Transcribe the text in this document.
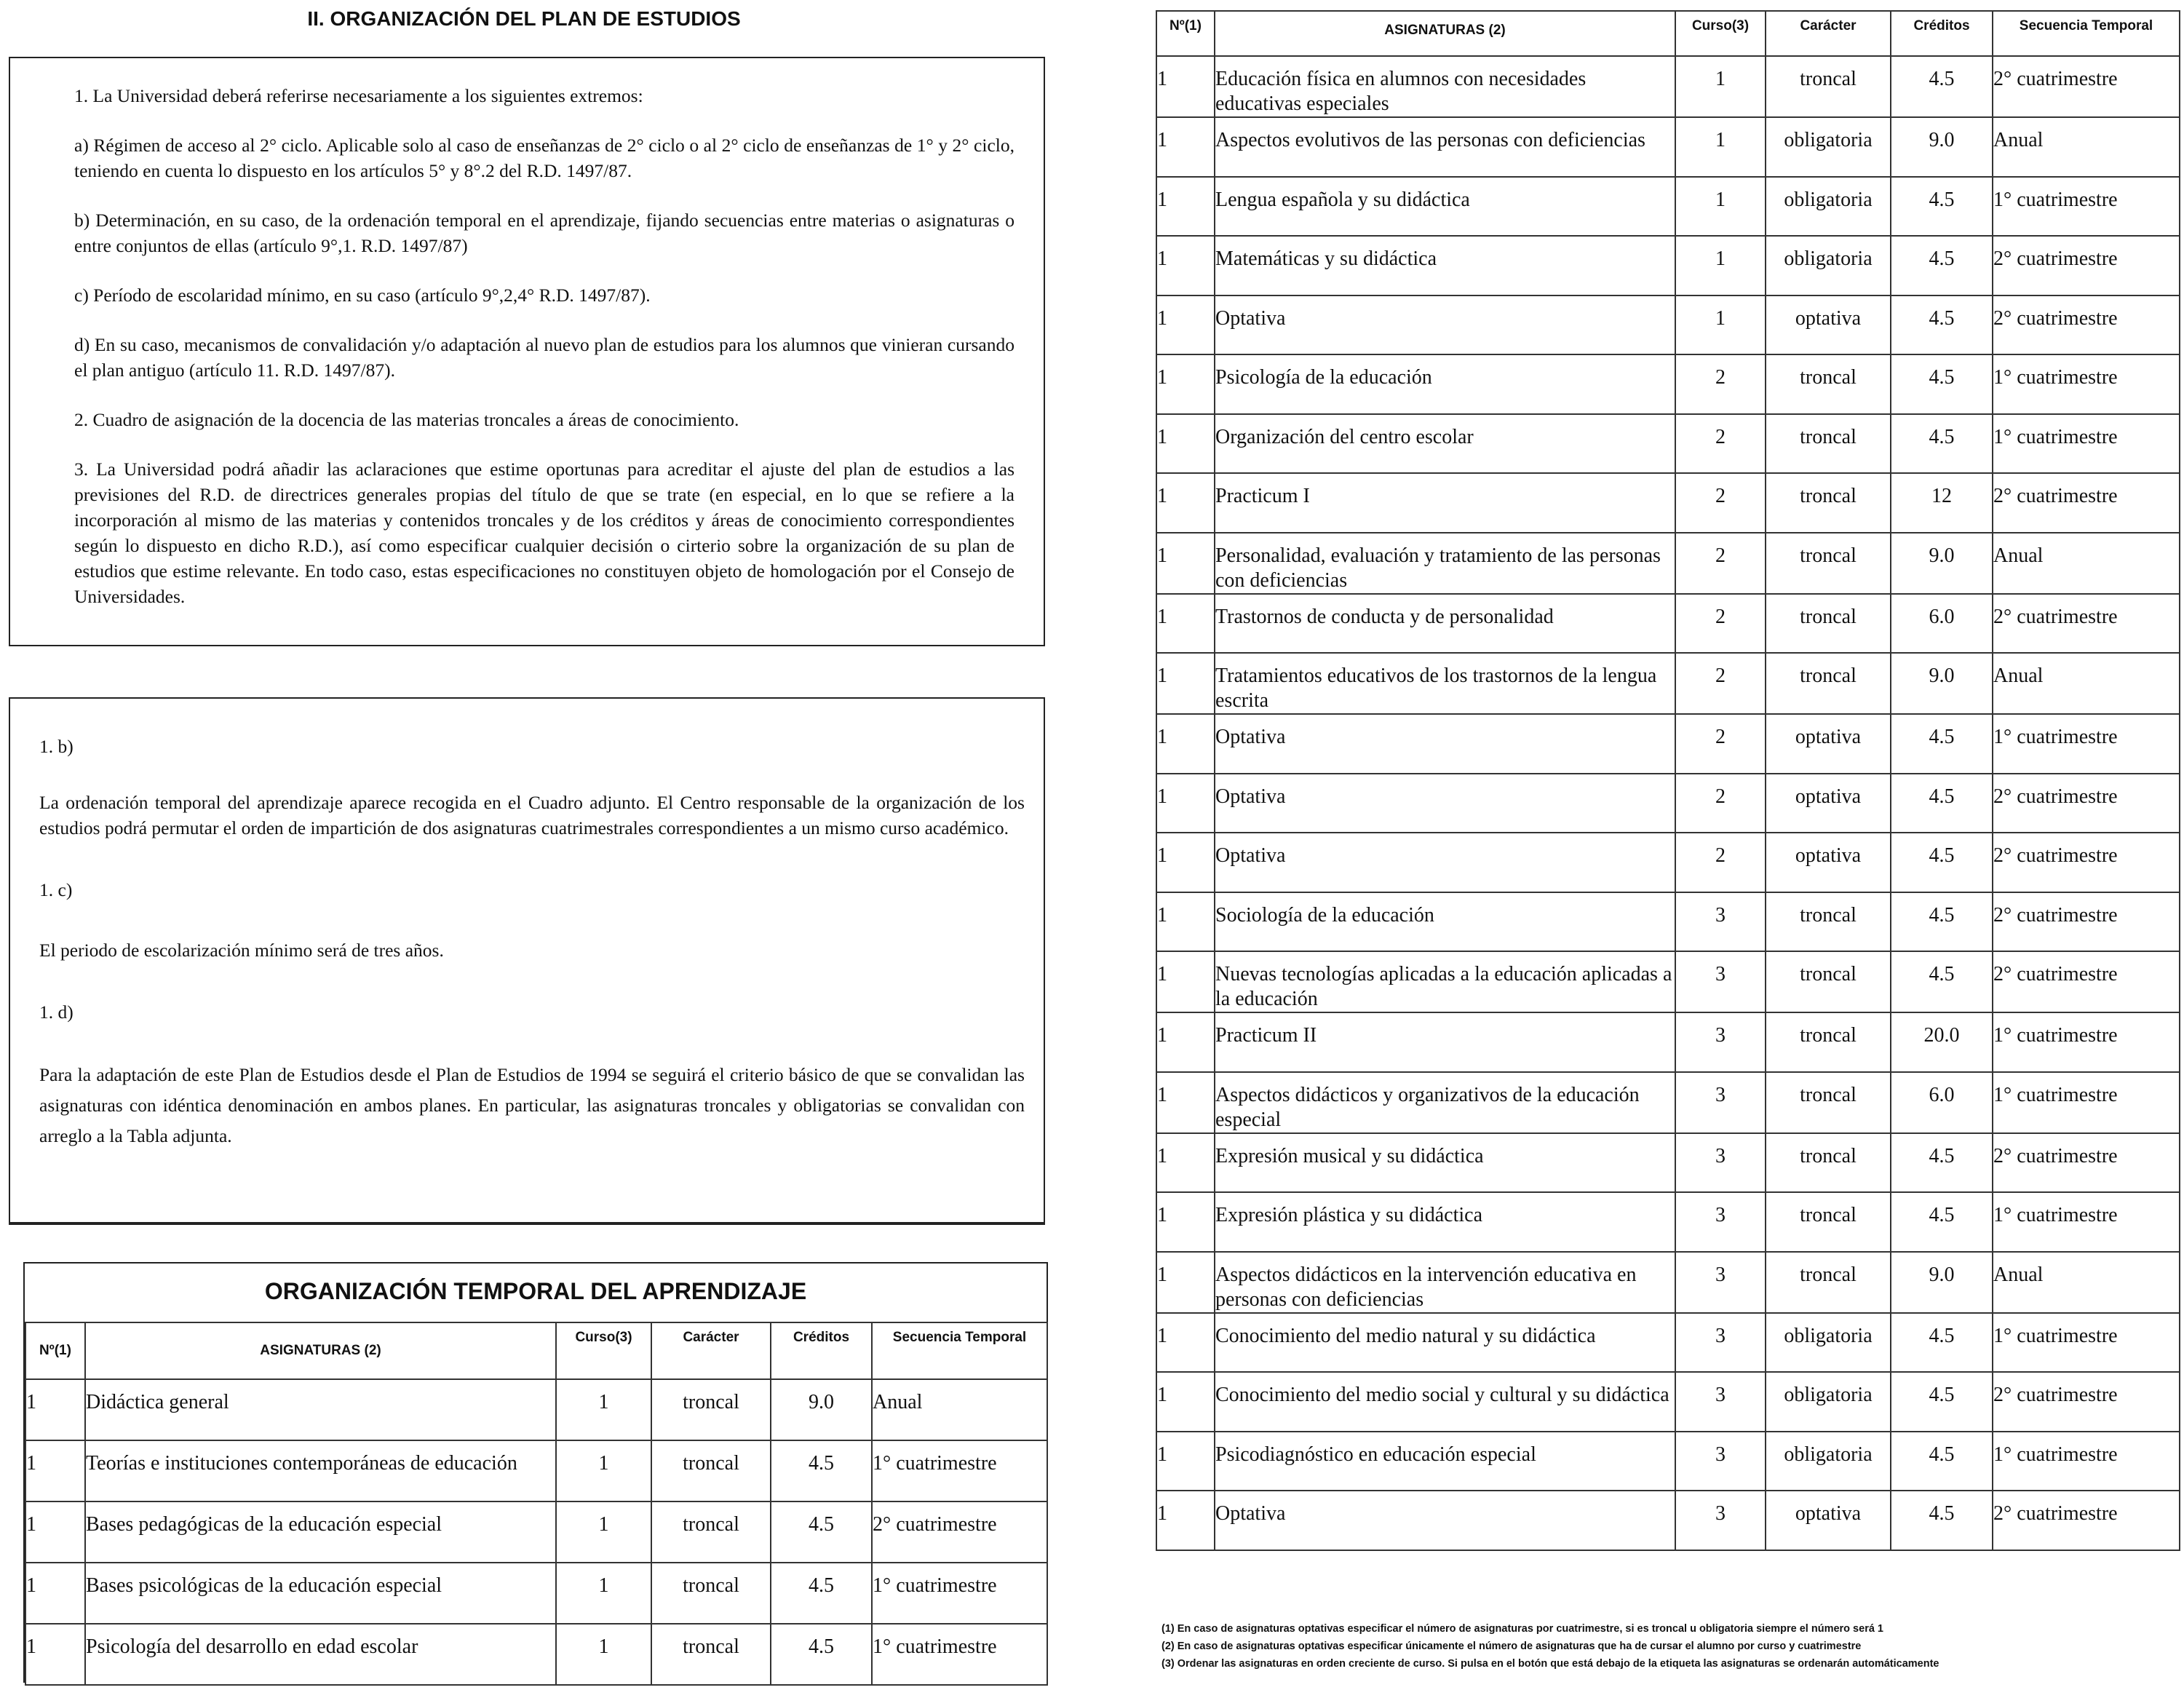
II. ORGANIZACIÓN DEL PLAN DE ESTUDIOS

1. La Universidad deberá referirse necesariamente a los siguientes extremos:

a) Régimen de acceso al 2° ciclo. Aplicable solo al caso de enseñanzas de 2° ciclo o al 2° ciclo de enseñanzas de 1° y 2° ciclo, teniendo en cuenta lo dispuesto en los artículos 5° y 8°.2 del R.D. 1497/87.

b) Determinación, en su caso, de la ordenación temporal en el aprendizaje, fijando secuencias entre materias o asignaturas o entre conjuntos de ellas (artículo 9°,1. R.D. 1497/87)

c) Período de escolaridad mínimo, en su caso (artículo 9°,2,4° R.D. 1497/87).

d) En su caso, mecanismos de convalidación y/o adaptación al nuevo plan de estudios para los alumnos que vinieran cursando el plan antiguo (artículo 11. R.D. 1497/87).

2. Cuadro de asignación de la docencia de las materias troncales a áreas de conocimiento.

3. La Universidad podrá añadir las aclaraciones que estime oportunas para acreditar el ajuste del plan de estudios a las previsiones del R.D. de directrices generales propias del título de que se trate (en especial, en lo que se refiere a la incorporación al mismo de las materias y contenidos troncales y de los créditos y áreas de conocimiento correspondientes según lo dispuesto en dicho R.D.), así como especificar cualquier decisión o cirterio sobre la organización de su plan de estudios que estime relevante. En todo caso, estas especificaciones no constituyen objeto de homologación por el Consejo de Universidades.

1. b)

La ordenación temporal del aprendizaje aparece recogida en el Cuadro adjunto. El Centro responsable de la organización de los estudios podrá permutar el orden de impartición de dos asignaturas cuatrimestrales correspondientes a un mismo curso académico.

1. c)

El periodo de escolarización mínimo será de tres años.

1. d)

Para la adaptación de este Plan de Estudios desde el Plan de Estudios de 1994 se seguirá el criterio básico de que se convalidan las asignaturas con idéntica denominación en ambos planes. En particular, las asignaturas troncales y obligatorias se convalidan con arreglo a la Tabla adjunta.

ORGANIZACIÓN TEMPORAL DEL APRENDIZAJE
Nº(1)	ASIGNATURAS (2)	Curso(3)	Carácter	Créditos	Secuencia Temporal
1	Didáctica general	1	troncal	9.0	Anual
1	Teorías e instituciones contemporáneas de educación	1	troncal	4.5	1° cuatrimestre
1	Bases pedagógicas de la educación especial	1	troncal	4.5	2° cuatrimestre
1	Bases psicológicas de la educación especial	1	troncal	4.5	1° cuatrimestre
1	Psicología del desarrollo en edad escolar	1	troncal	4.5	1° cuatrimestre
Nº(1)	ASIGNATURAS (2)	Curso(3)	Carácter	Créditos	Secuencia Temporal
1	Educación física en alumnos con necesidades educativas especiales	1	troncal	4.5	2° cuatrimestre
1	Aspectos evolutivos de las personas con deficiencias	1	obligatoria	9.0	Anual
1	Lengua española y su didáctica	1	obligatoria	4.5	1° cuatrimestre
1	Matemáticas y su didáctica	1	obligatoria	4.5	2° cuatrimestre
1	Optativa	1	optativa	4.5	2° cuatrimestre
1	Psicología de la educación	2	troncal	4.5	1° cuatrimestre
1	Organización del centro escolar	2	troncal	4.5	1° cuatrimestre
1	Practicum I	2	troncal	12	2° cuatrimestre
1	Personalidad, evaluación y tratamiento de las personas con deficiencias	2	troncal	9.0	Anual
1	Trastornos de conducta y de personalidad	2	troncal	6.0	2° cuatrimestre
1	Tratamientos educativos de los trastornos de la lengua escrita	2	troncal	9.0	Anual
1	Optativa	2	optativa	4.5	1° cuatrimestre
1	Optativa	2	optativa	4.5	2° cuatrimestre
1	Optativa	2	optativa	4.5	2° cuatrimestre
1	Sociología de la educación	3	troncal	4.5	2° cuatrimestre
1	Nuevas tecnologías aplicadas a la educación aplicadas a la educación	3	troncal	4.5	2° cuatrimestre
1	Practicum II	3	troncal	20.0	1° cuatrimestre
1	Aspectos didácticos y organizativos de la educación especial	3	troncal	6.0	1° cuatrimestre
1	Expresión musical y su didáctica	3	troncal	4.5	2° cuatrimestre
1	Expresión plástica y su didáctica	3	troncal	4.5	1° cuatrimestre
1	Aspectos didácticos en la intervención educativa en personas con deficiencias	3	troncal	9.0	Anual
1	Conocimiento del medio natural y su didáctica	3	obligatoria	4.5	1° cuatrimestre
1	Conocimiento del medio social y cultural y su didáctica	3	obligatoria	4.5	2° cuatrimestre
1	Psicodiagnóstico en educación especial	3	obligatoria	4.5	1° cuatrimestre
1	Optativa	3	optativa	4.5	2° cuatrimestre
(1) En caso de asignaturas optativas especificar el número de asignaturas por cuatrimestre, si es troncal u obligatoria siempre el número será 1
(2) En caso de asignaturas optativas especificar únicamente el número de asignaturas que ha de cursar el alumno por curso y cuatrimestre
(3) Ordenar las asignaturas en orden creciente de curso. Si pulsa en el botón que está debajo de la etiqueta las asignaturas se ordenarán automáticamente
